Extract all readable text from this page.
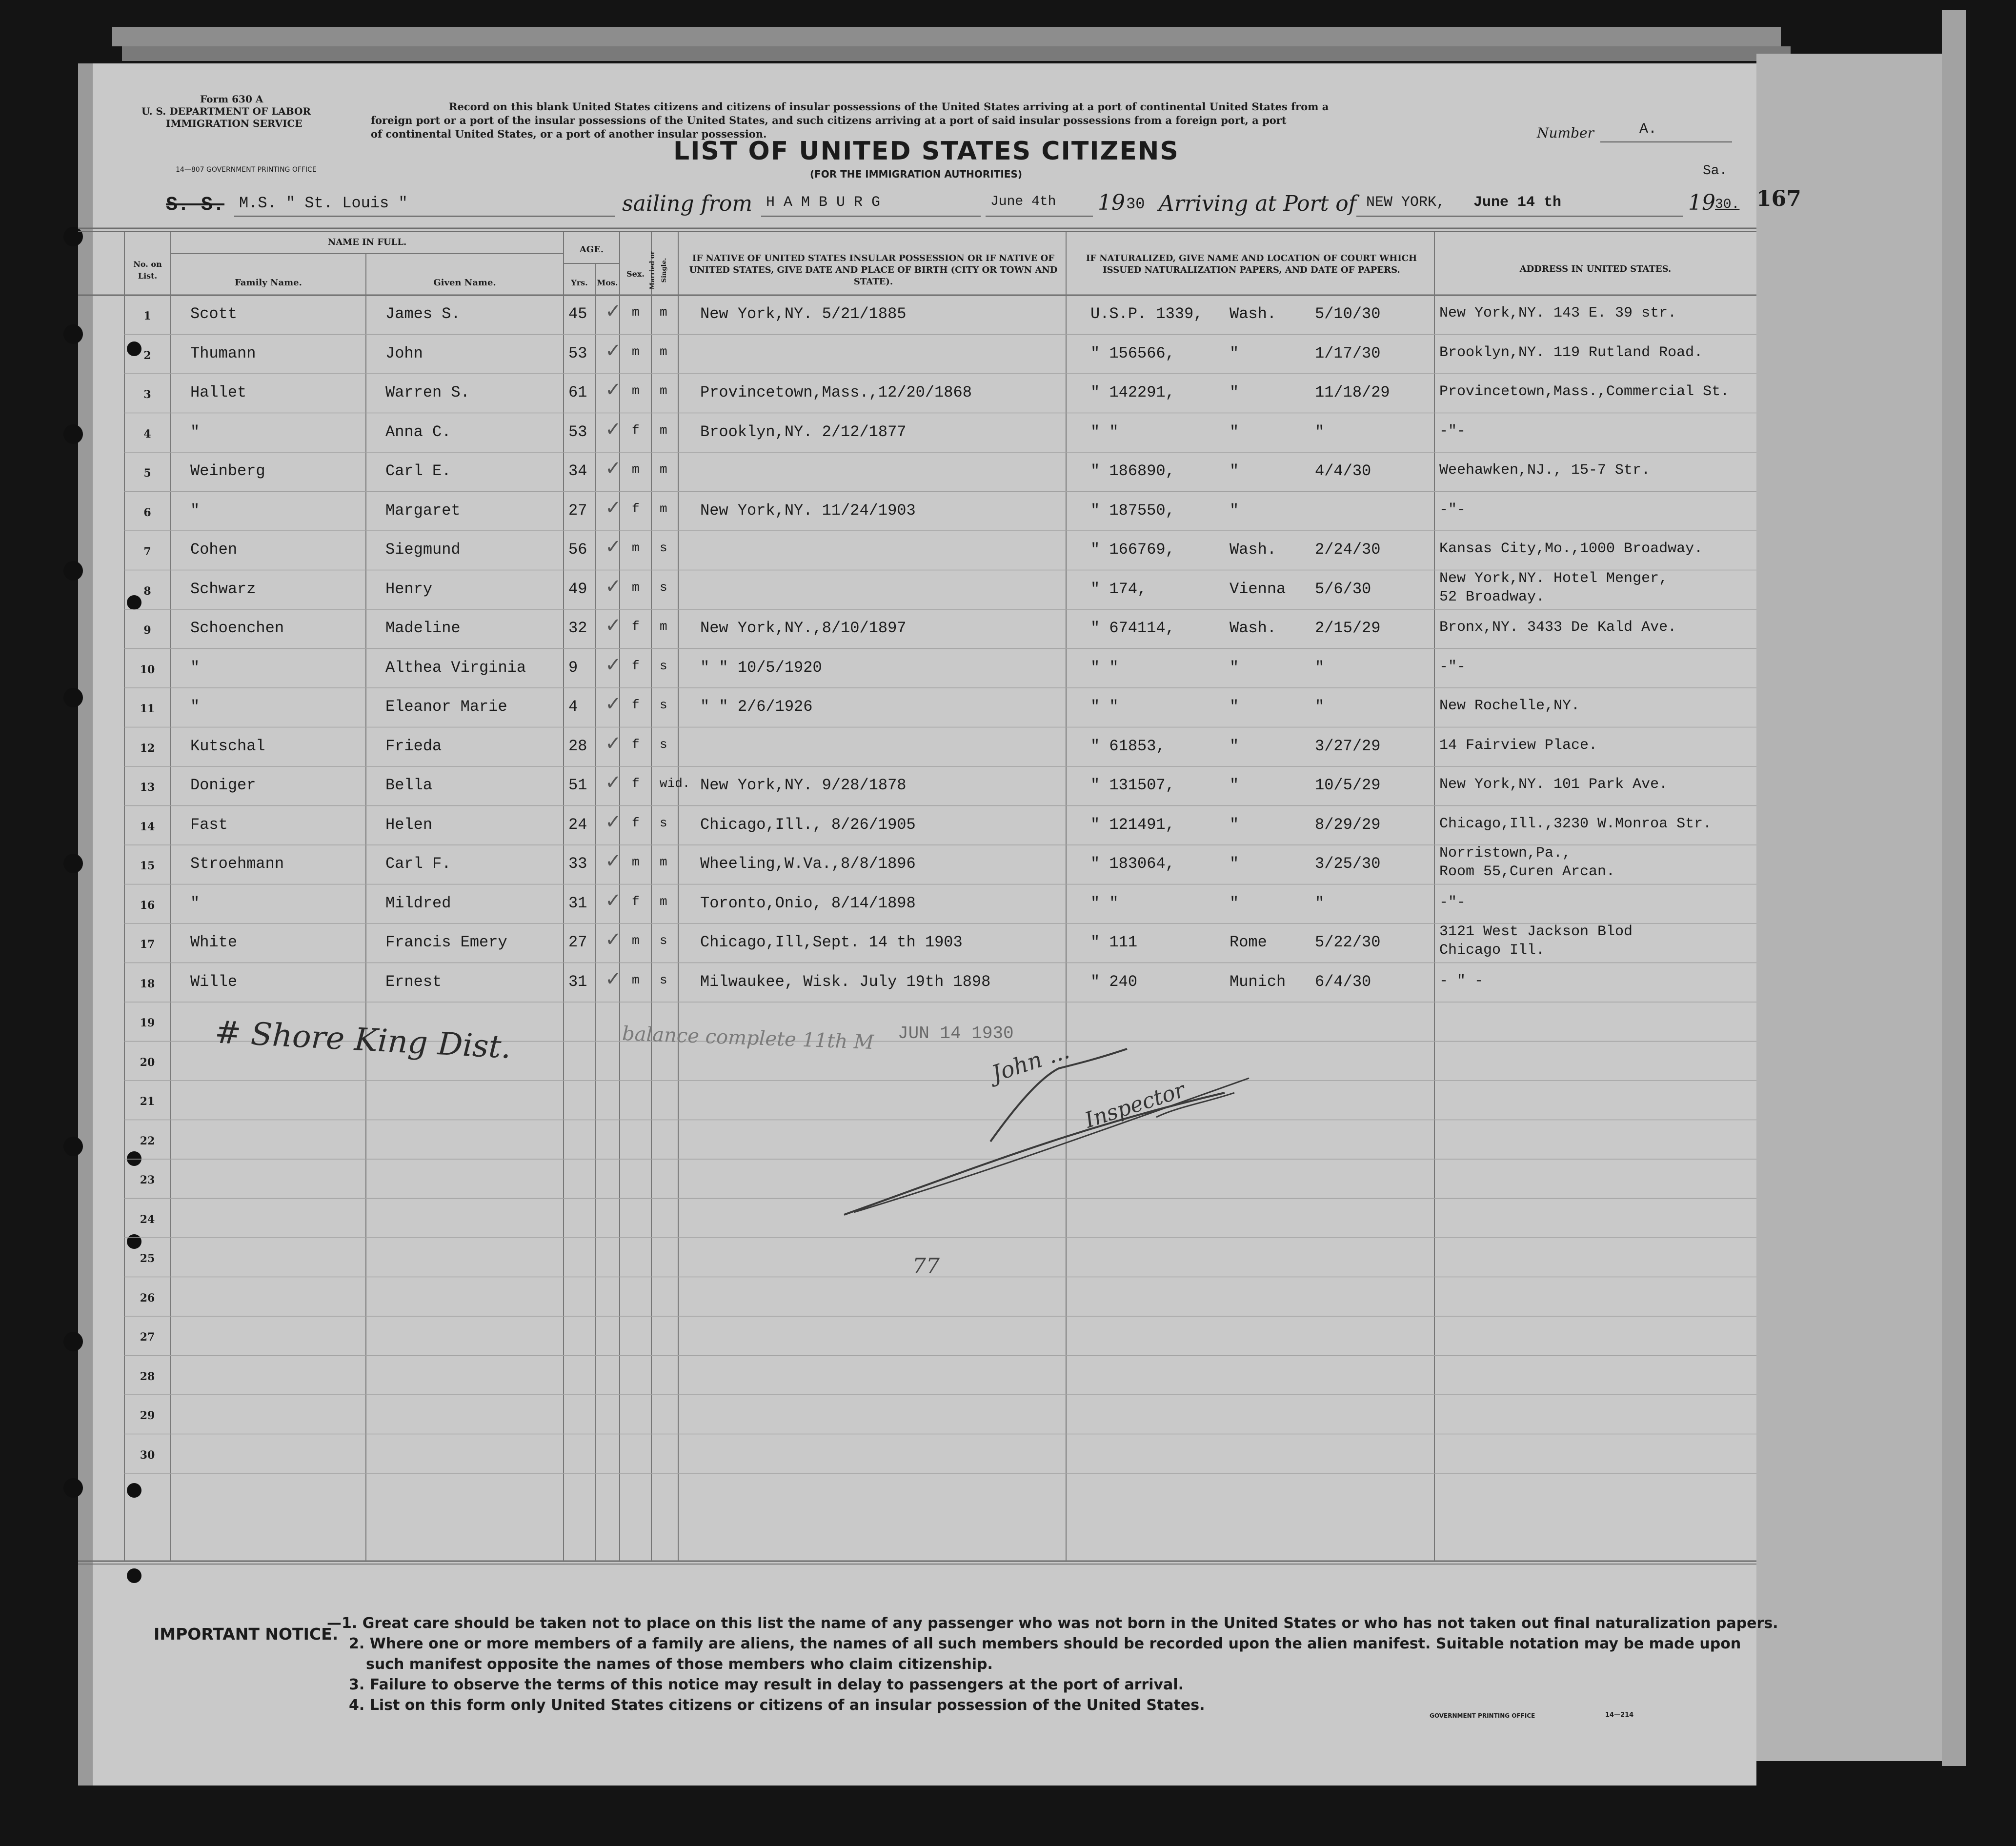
Form 630 A
U. S. DEPARTMENT OF LABOR
IMMIGRATION SERVICE
14—807 GOVERNMENT PRINTING OFFICE
Record on this blank United States citizens and citizens of insular possessions of the United States arriving at a port of continental United States from a
foreign port or a port of the insular possessions of the United States, and such citizens arriving at a port of said insular possessions from a foreign port, a port
of continental United States, or a port of another insular possession.	Number	A.
LIST OF UNITED STATES CITIZENS
(FOR THE IMMIGRATION AUTHORITIES)	Sa.
S. S. M.S. " St. Louis "	sailing from H A M B U R G	June 4th 19 30 Arriving at Port of NEW YORK, June 14 th	19 30. 167
No. on List.
NAME IN FULL.
Family Name.	Given Name.
AGE.
Yrs.	Mos.
Sex. Married or Single.	IF NATIVE OF UNITED STATES INSULAR POSSESSION OR IF NATIVE OF UNITED STATES, GIVE DATE AND PLACE OF BIRTH (CITY OR TOWN AND STATE).
IF NATURALIZED, GIVE NAME AND LOCATION OF COURT WHICH ISSUED NATURALIZATION PAPERS, AND DATE OF PAPERS.	ADDRESS IN UNITED STATES.
1	Scott	James S.	45	m m New York,NY. 5/21/1885	U.S.P. 1339, Wash. 5/10/30	New York,NY. 143 E. 39 str.
2	Thumann	John	53	m m	" 156566,	"	1/17/30	Brooklyn,NY. 119 Rutland Road.
3	Hallet	Warren S.	61	m m Provincetown,Mass.,12/20/1868	" 142291,	"	11/18/29	Provincetown,Mass.,Commercial St.
4	"	Anna C.	53	f m Brooklyn,NY. 2/12/1877	" "	"	"	-"-
5	Weinberg	Carl E.	34	m m	" 186890,	"	4/4/30	Weehawken,NJ., 15-7 Str.
6	"	Margaret	27	f m New York,NY. 11/24/1903	" 187550,	"	-"-
7	Cohen	Siegmund	56	m s	" 166769,	Wash. 2/24/30	Kansas City,Mo.,1000 Broadway.
8	Schwarz	Henry	49	m s	" 174,	Vienna 5/6/30
New York,NY. Hotel Menger,
52 Broadway.
9	Schoenchen	Madeline	32	f m New York,NY.,8/10/1897	" 674114,	Wash. 2/15/29	Bronx,NY. 3433 De Kald Ave.
10	"	Althea Virginia	9	f s " " 10/5/1920	" "	"	"	-"-
11	"	Eleanor Marie	4	f s " " 2/6/1926	" "	"	"	New Rochelle,NY.
12	Kutschal	Frieda	28	f s	" 61853,	"	3/27/29	14 Fairview Place.
13	Doniger	Bella	51	f wid. New York,NY. 9/28/1878	" 131507,	"	10/5/29	New York,NY. 101 Park Ave.
14	Fast	Helen	24	f s Chicago,Ill., 8/26/1905	" 121491,	"	8/29/29	Chicago,Ill.,3230 W.Monroa Str.
15	Stroehmann	Carl F.	33	m m Wheeling,W.Va.,8/8/1896	" 183064,	"	3/25/30
Norristown,Pa.,
Room 55,Curen Arcan.
16	"	Mildred	31	f m Toronto,Onio, 8/14/1898	" "	"	"	-"-
17	White	Francis Emery	27	m s Chicago,Ill,Sept. 14 th 1903	" 111	Rome	5/22/30
3121 West Jackson Blod
Chicago Ill.
18	Wille	Ernest	31	m s Milwaukee, Wisk. July 19th 1898	" 240	Munich 6/4/30	- " -
19
20
21
22
23
24
25
26
27
28
29
30
✓
✓
✓
✓
✓
✓
✓
✓
✓
✓
✓
✓
✓
✓
✓
✓
✓
✓
# Shore King Dist.	balance complete 11th M JUN 14 1930
John ...
Inspector
77
IMPORTANT NOTICE.
—1. Great care should be taken not to place on this list the name of any passenger who was not born in the United States or who has not taken out final naturalization papers.
2. Where one or more members of a family are aliens, the names of all such members should be recorded upon the alien manifest. Suitable notation may be made upon
such manifest opposite the names of those members who claim citizenship.
3. Failure to observe the terms of this notice may result in delay to passengers at the port of arrival.
4. List on this form only United States citizens or citizens of an insular possession of the United States.
GOVERNMENT PRINTING OFFICE	14—214
